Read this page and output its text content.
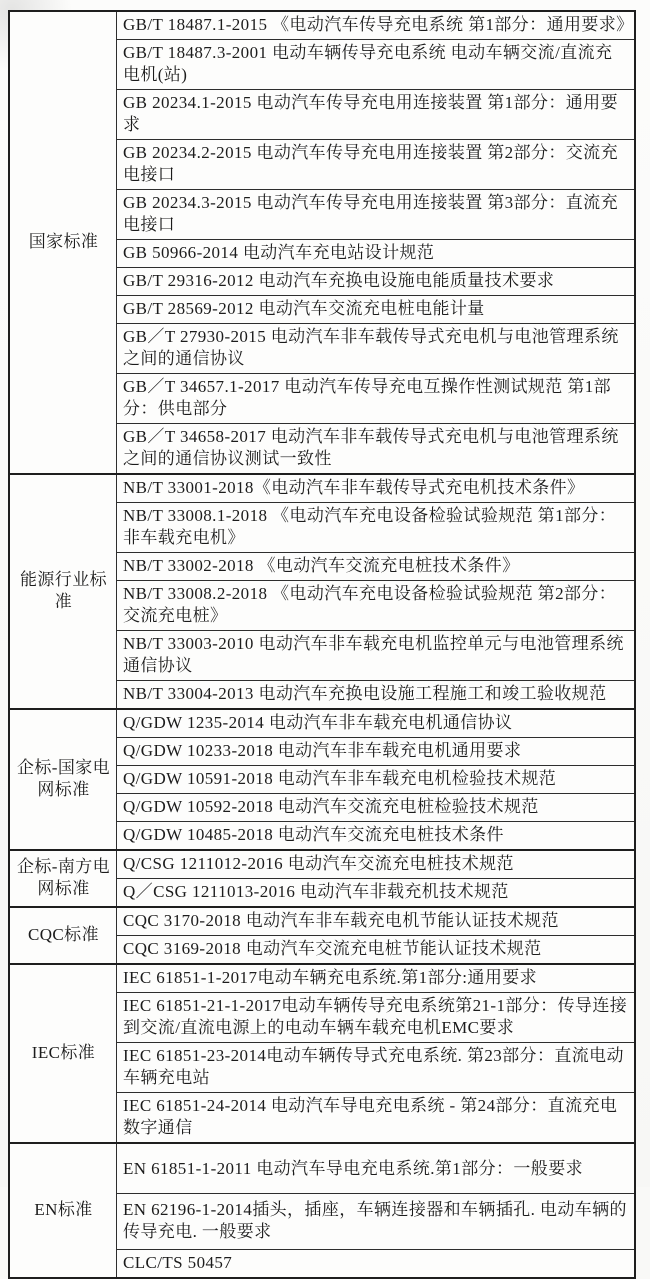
国家标准	GB/T 18487.1-2015 《电动汽车传导充电系统 第1部分：通用要求》
	GB/T 18487.3-2001 电动车辆传导充电系统 电动车辆交流/直流充电机(站)
	GB 20234.1-2015 电动汽车传导充电用连接装置 第1部分：通用要求
	GB 20234.2-2015 电动汽车传导充电用连接装置 第2部分：交流充电接口
	GB 20234.3-2015 电动汽车传导充电用连接装置 第3部分：直流充电接口
	GB 50966-2014 电动汽车充电站设计规范
	GB/T 29316-2012 电动汽车充换电设施电能质量技术要求
	GB/T 28569-2012 电动汽车交流充电桩电能计量
	GB／T 27930-2015 电动汽车非车载传导式充电机与电池管理系统之间的通信协议
	GB／T 34657.1-2017 电动汽车传导充电互操作性测试规范 第1部分：供电部分
	GB／T 34658-2017 电动汽车非车载传导式充电机与电池管理系统之间的通信协议测试一致性
能源行业标准	NB/T 33001-2018《电动汽车非车载传导式充电机技术条件》
	NB/T 33008.1-2018 《电动汽车充电设备检验试验规范 第1部分：非车载充电机》
	NB/T 33002-2018 《电动汽车交流充电桩技术条件》
	NB/T 33008.2-2018 《电动汽车充电设备检验试验规范 第2部分：交流充电桩》
	NB/T 33003-2010 电动汽车非车载充电机监控单元与电池管理系统通信协议
	NB/T 33004-2013 电动汽车充换电设施工程施工和竣工验收规范
企标-国家电网标准	Q/GDW 1235-2014 电动汽车非车载充电机通信协议
	Q/GDW 10233-2018 电动汽车非车载充电机通用要求
	Q/GDW 10591-2018 电动汽车非车载充电机检验技术规范
	Q/GDW 10592-2018 电动汽车交流充电桩检验技术规范
	Q/GDW 10485-2018 电动汽车交流充电桩技术条件
企标-南方电网标准	Q/CSG 1211012-2016 电动汽车交流充电桩技术规范
	Q／CSG 1211013-2016 电动汽车非载充机技术规范
CQC标准	CQC 3170-2018 电动汽车非车载充电机节能认证技术规范
	CQC 3169-2018 电动汽车交流充电桩节能认证技术规范
IEC标准	IEC 61851-1-2017电动车辆充电系统.第1部分:通用要求
	IEC 61851-21-1-2017电动车辆传导充电系统第21-1部分：传导连接到交流/直流电源上的电动车辆车载充电机EMC要求
	IEC 61851-23-2014电动车辆传导式充电系统. 第23部分：直流电动车辆充电站
	IEC 61851-24-2014 电动汽车导电充电系统 - 第24部分：直流充电数字通信
EN标准	EN 61851-1-2011 电动汽车导电充电系统.第1部分：一般要求
	EN 62196-1-2014插头，插座，车辆连接器和车辆插孔. 电动车辆的传导充电. 一般要求
	CLC/TS 50457
